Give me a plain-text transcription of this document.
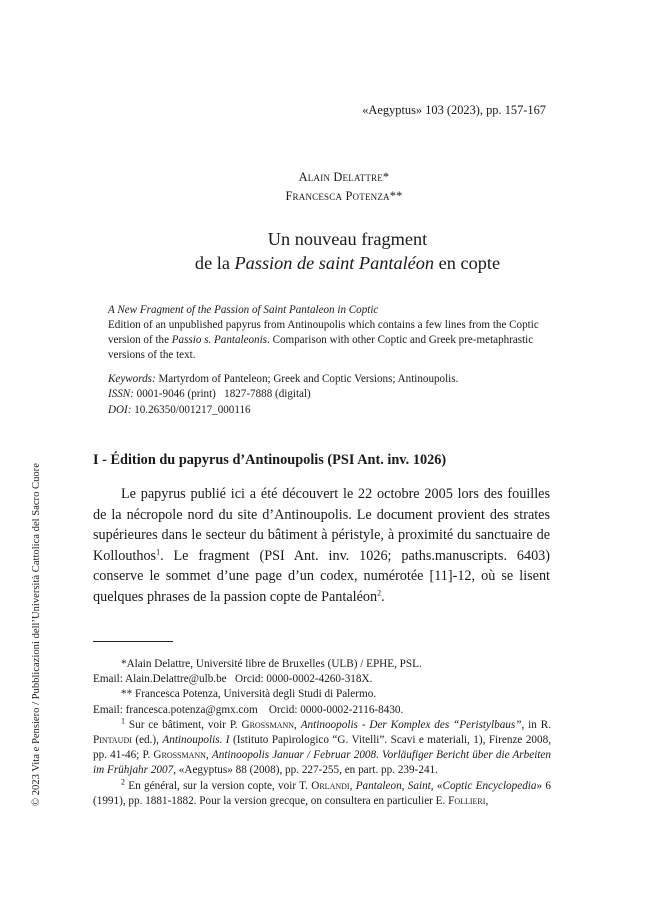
© 2023 Vita e Pensiero / Pubblicazioni dell’Università Cattolica del Sacro Cuore
«Aegyptus» 103 (2023), pp. 157-167
Alain Delattre*
Francesca Potenza**
Un nouveau fragment
de la Passion de saint Pantaléon en copte
A New Fragment of the Passion of Saint Pantaleon in Coptic
Edition of an unpublished papyrus from Antinoupolis which contains a few lines from the Coptic version of the Passio s. Pantaleonis. Comparison with other Coptic and Greek pre-metaphrastic versions of the text.
Keywords: Martyrdom of Panteleon; Greek and Coptic Versions; Antinoupolis.
ISSN: 0001-9046 (print)   1827-7888 (digital)
DOI: 10.26350/001217_000116
I - Édition du papyrus d’Antinoupolis (PSI Ant. inv. 1026)

Le papyrus publié ici a été découvert le 22 octobre 2005 lors des fouilles de la nécropole nord du site d’Antinoupolis. Le document provient des strates supérieures dans le secteur du bâtiment à péristyle, à proximité du sanctuaire de Kollouthos$^1$. Le fragment (PSI Ant. inv. 1026; paths.manuscripts. 6403) conserve le sommet d’une page d’un codex, numérotée [11]-12, où se lisent quelques phrases de la passion copte de Pantaléon$^2$.

*Alain Delattre, Université libre de Bruxelles (ULB) / EPHE, PSL.
Email: Alain.Delattre@ulb.be   Orcid: 0000-0002-4260-318X.
** Francesca Potenza, Università degli Studi di Palermo.
Email: francesca.potenza@gmx.com    Orcid: 0000-0002-2116-8430.
$^1$ Sur ce bâtiment, voir P. Grossmann, Antinoopolis - Der Komplex des “Peristylbaus”, in R. Pintaudi (ed.), Antinoupolis. I (Istituto Papirologico “G. Vitelli”. Scavi e materiali, 1), Firenze 2008, pp. 41-46; P. Grossmann, Antinoopolis Januar / Februar 2008. Vorläufiger Bericht über die Arbeiten im Frühjahr 2007, «Aegyptus» 88 (2008), pp. 227-255, en part. pp. 239-241.
$^2$ En général, sur la version copte, voir T. Orlandi, Pantaleon, Saint, «Coptic Encyclopedia» 6 (1991), pp. 1881-1882. Pour la version grecque, on consultera en particulier E. Follieri,
